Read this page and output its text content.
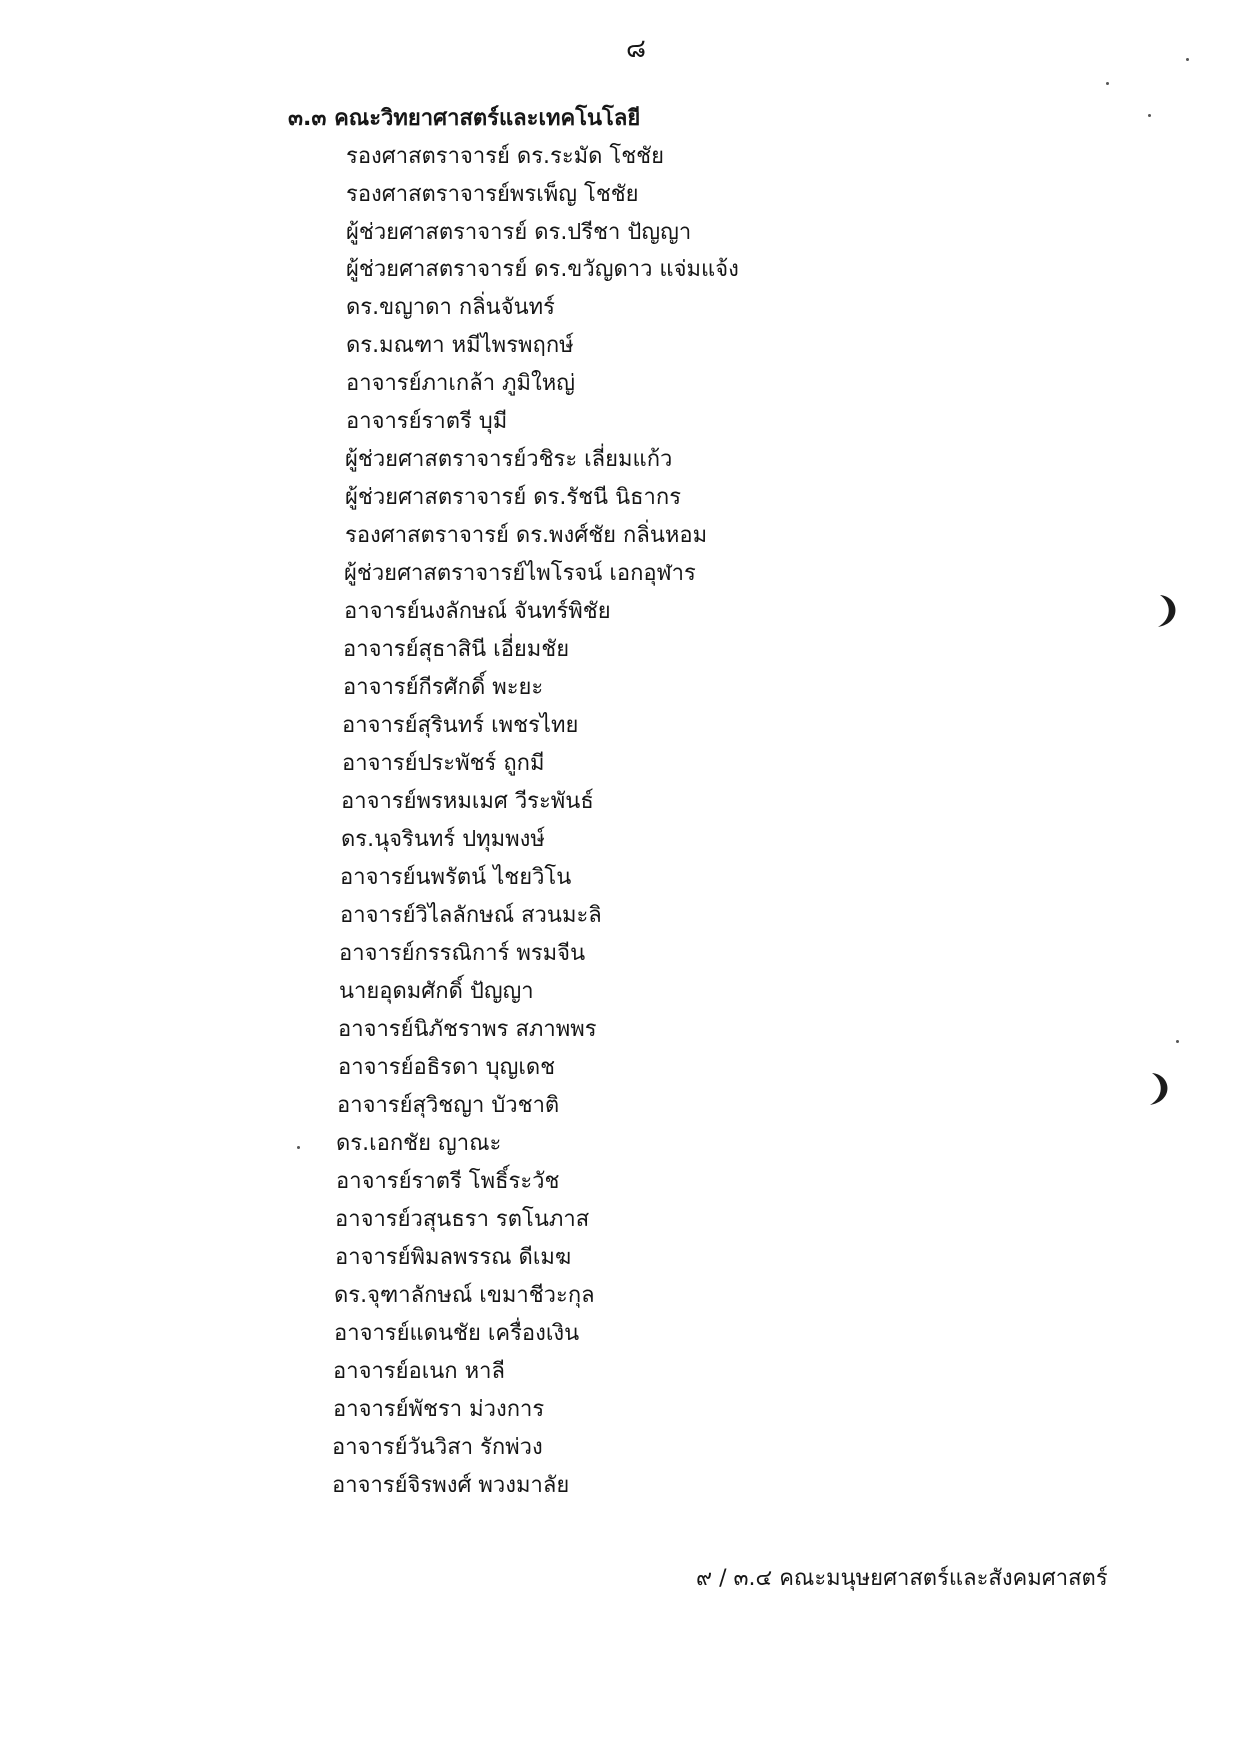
๘
๓.๓ คณะวิทยาศาสตร์และเทคโนโลยี
รองศาสตราจารย์ ดร.ระมัด โชชัย
รองศาสตราจารย์พรเพ็ญ โชชัย
ผู้ช่วยศาสตราจารย์ ดร.ปรีชา ปัญญา
ผู้ช่วยศาสตราจารย์ ดร.ขวัญดาว แจ่มแจ้ง
ดร.ขญาดา กลิ่นจันทร์
ดร.มณฑา หมีไพรพฤกษ์
อาจารย์ภาเกล้า ภูมิใหญ่
อาจารย์ราตรี บุมี
ผู้ช่วยศาสตราจารย์วชิระ เลี่ยมแก้ว
ผู้ช่วยศาสตราจารย์ ดร.รัชนี นิธากร
รองศาสตราจารย์ ดร.พงศ์ชัย กลิ่นหอม
ผู้ช่วยศาสตราจารย์ไพโรจน์ เอกอุฬาร
อาจารย์นงลักษณ์ จันทร์พิชัย
อาจารย์สุธาสินี เอี่ยมชัย
อาจารย์กีรศักดิ์ พะยะ
อาจารย์สุรินทร์ เพชรไทย
อาจารย์ประพัชร์ ถูกมี
อาจารย์พรหมเมศ วีระพันธ์
ดร.นุจรินทร์ ปทุมพงษ์
อาจารย์นพรัตน์ ไชยวิโน
อาจารย์วิไลลักษณ์ สวนมะลิ
อาจารย์กรรณิการ์ พรมจีน
นายอุดมศักดิ์ ปัญญา
อาจารย์นิภัชราพร สภาพพร
อาจารย์อธิรดา บุญเดช
อาจารย์สุวิชญา บัวชาติ
ดร.เอกชัย ญาณะ
อาจารย์ราตรี โพธิ์ระวัช
อาจารย์วสุนธรา รตโนภาส
อาจารย์พิมลพรรณ ดีเมฆ
ดร.จุฑาลักษณ์ เขมาชีวะกุล
อาจารย์แดนชัย เครื่องเงิน
อาจารย์อเนก หาลี
อาจารย์พัชรา ม่วงการ
อาจารย์วันวิสา รักพ่วง
อาจารย์จิรพงศ์ พวงมาลัย
๙ / ๓.๔ คณะมนุษยศาสตร์และสังคมศาสตร์
